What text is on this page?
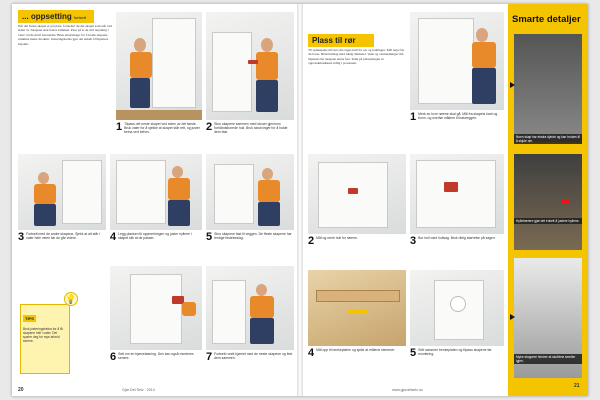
... oppsetting fortsett
Når det første skapet er på plass, fortsetter du det skapet som står ved siden av. Skapene skal festes sammen. Pass på at de står nøyaktig i vater i forhold til hverandre. Bruk skrutvinger for å holde skapene sammen mens du skrur. Justeringsbeina gjør det enkelt å finjustere høyden.
1 Tilpass det neste skapet ved siden av det første. Bruk vater for å sjekke at skapet står rett, og juster beina ved behov.	2 Skru skapene sammen med skruer gjennom forhåndsborede hull. Bruk skrutvinger for å holde dem fast.
3 Fortsett med de andre skapene. Sjekk at alt står i vater hele veien før du går videre.	4 Legg planken til oppmerkingen og juster hyllene i skapet slik at de passer.	5 Skru skapene fast til veggen. De fleste skapene har ferdige festebeslag.
6 Sett inn en hjørneløsning. Den kan også monteres senere.	7 Fortsett rundt hjørnet med de neste skapene og fest dem sammen.
TIPS
Bruk justeringsbeina for å få skapene helt i vater. Det sparer deg for mye arbeid senere.
💡
20	Gjør Det Selv · 2014
Plass til rør
Til spiskapene må det ofte lages hull for rør og ledninger. Mål nøye før du borer. Bruk hullsag med riktig diameter. Vask og vannledninger må tilpasses før skapene skrus fast. Tenk på plasseringen av oppvaskmaskinen tidlig i prosessen.
1 Merk av hvor rørene skal gå. Mål fra skapets kant og bunn, og overfør målene til bakveggen.
2 Mål og merk hull for rørene.	3 Bor hull med hullsag. Bruk riktig størrelse på sagen.
4 Mål opp til benkeplaten og sjekk at målene stemmer.	5 Sett sammen benkeplaten og tilpass skapene før montering.
www.gjordetselv.no
Smarte detaljer
Noen skap har ekstra dybde og kan brukes til å skjule rør.
Hyllebærere gjør det enkelt å justere hyllene.
Myke stoppere hindrer at skuffene smeller igjen.
21
